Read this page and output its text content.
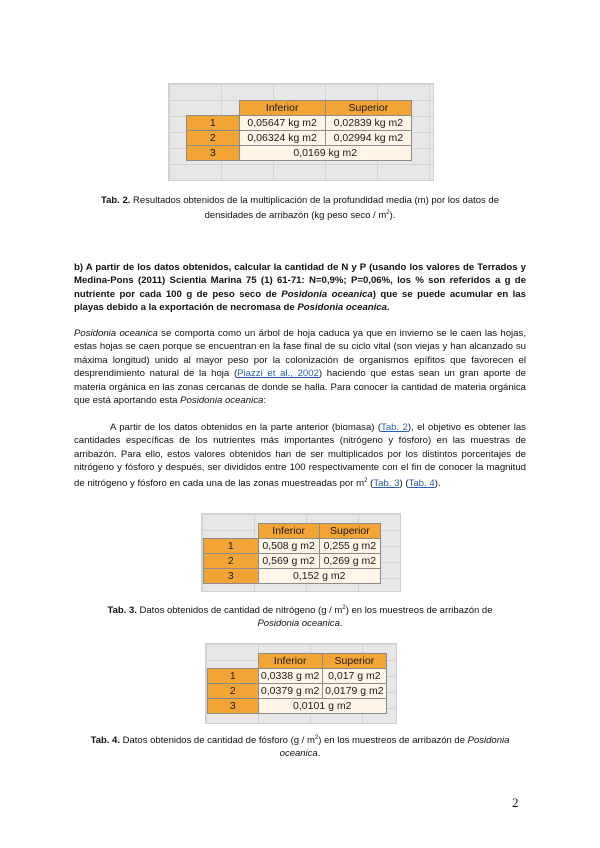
	Inferior	Superior
1	0,05647 kg m2	0,02839 kg m2
2	0,06324 kg m2	0,02994 kg m2
3	0,0169 kg m2	
Tab. 2. Resultados obtenidos de la multiplicación de la profundidad media (m) por los datos de densidades de arribazón (kg peso seco / $m^2$).
b) A partir de los datos obtenidos, calcular la cantidad de N y P (usando los valores de Terrados y Medina-Pons (2011) Scientia Marina 75 (1) 61-71: N=0,9%; P=0,06%, los % son referidos a g de nutriente por cada 100 g de peso seco de Posidonia oceanica) que se puede acumular en las playas debido a la exportación de necromasa de Posidonia oceanica.
Posidonia oceanica se comporta como un árbol de hoja caduca ya que en invierno se le caen las hojas, estas hojas se caen porque se encuentran en la fase final de su ciclo vital (son viejas y han alcanzado su máxima longitud) unido al mayor peso por la colonización de organismos epífitos que favorecen el desprendimiento natural de la hoja (Piazzi et al., 2002) haciendo que estas sean un gran aporte de materia orgánica en las zonas cercanas de donde se halla. Para conocer la cantidad de materia orgánica que está aportando esta Posidonia oceanica:
A partir de los datos obtenidos en la parte anterior (biomasa) (Tab. 2), el objetivo es obtener las cantidades específicas de los nutrientes más importantes (nitrógeno y fósforo) en las muestras de arribazón. Para ello, estos valores obtenidos han de ser multiplicados por los distintos porcentajes de nitrógeno y fósforo y después, ser divididos entre 100 respectivamente con el fin de conocer la magnitud de nitrógeno y fósforo en cada una de las zonas muestreadas por $m^2$ (Tab. 3) (Tab. 4).
	Inferior	Superior
1	0,508 g m2	0,255 g m2
2	0,569 g m2	0,269 g m2
3	0,152 g m2	
Tab. 3. Datos obtenidos de cantidad de nitrógeno $(g / m^2)$ en los muestreos de arribazón de
Posidonia oceanica.
	Inferior	Superior
1	0,0338 g m2	0,017 g m2
2	0,0379 g m2	0,0179 g m2
3	0,0101 g m2	
Tab. 4. Datos obtenidos de cantidad de fósforo $(g / m^2)$ en los muestreos de arribazón de Posidonia oceanica.
2
